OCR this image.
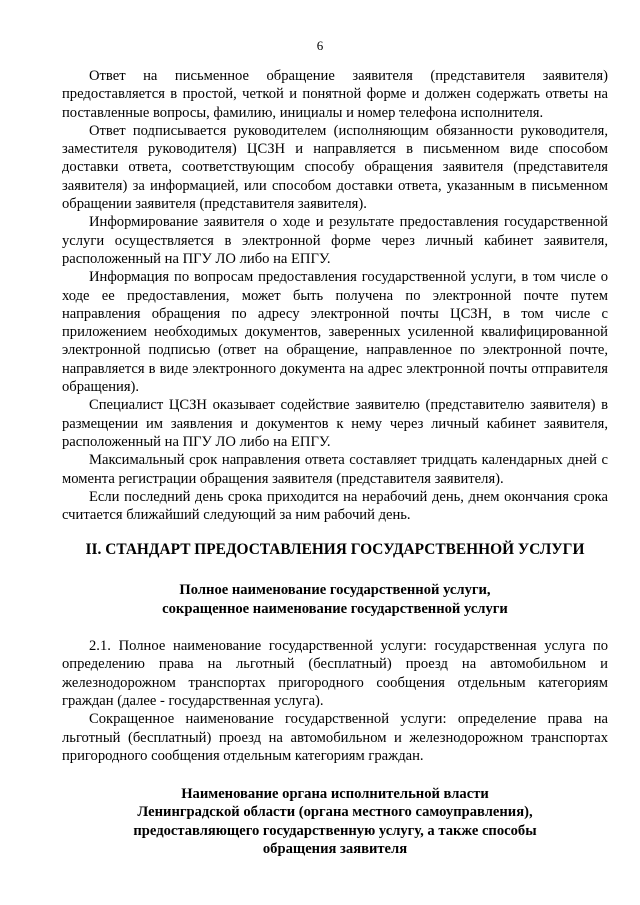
6

Ответ на письменное обращение заявителя (представителя заявителя) предоставляется в простой, четкой и понятной форме и должен содержать ответы на поставленные вопросы, фамилию, инициалы и номер телефона исполнителя.

Ответ подписывается руководителем (исполняющим обязанности руководителя, заместителя руководителя) ЦСЗН и направляется в письменном виде способом доставки ответа, соответствующим способу обращения заявителя (представителя заявителя) за информацией, или способом доставки ответа, указанным в письменном обращении заявителя (представителя заявителя).

Информирование заявителя о ходе и результате предоставления государственной услуги осуществляется в электронной форме через личный кабинет заявителя, расположенный на ПГУ ЛО либо на ЕПГУ.

Информация по вопросам предоставления государственной услуги, в том числе о ходе ее предоставления, может быть получена по электронной почте путем направления обращения по адресу электронной почты ЦСЗН, в том числе с приложением необходимых документов, заверенных усиленной квалифицированной электронной подписью (ответ на обращение, направленное по электронной почте, направляется в виде электронного документа на адрес электронной почты отправителя обращения).

Специалист ЦСЗН оказывает содействие заявителю (представителю заявителя) в размещении им заявления и документов к нему через личный кабинет заявителя, расположенный на ПГУ ЛО либо на ЕПГУ.

Максимальный срок направления ответа составляет тридцать календарных дней с момента регистрации обращения заявителя (представителя заявителя).

Если последний день срока приходится на нерабочий день, днем окончания срока считается ближайший следующий за ним рабочий день.

II. СТАНДАРТ ПРЕДОСТАВЛЕНИЯ ГОСУДАРСТВЕННОЙ УСЛУГИ
Полное наименование государственной услуги,
сокращенное наименование государственной услуги

2.1. Полное наименование государственной услуги: государственная услуга по определению права на льготный (бесплатный) проезд на автомобильном и железнодорожном транспортах пригородного сообщения отдельным категориям граждан (далее - государственная услуга).

Сокращенное наименование государственной услуги: определение права на льготный (бесплатный) проезд на автомобильном и железнодорожном транспортах пригородного сообщения отдельным категориям граждан.

Наименование органа исполнительной власти
Ленинградской области (органа местного самоуправления),
предоставляющего государственную услугу, а также способы
обращения заявителя
